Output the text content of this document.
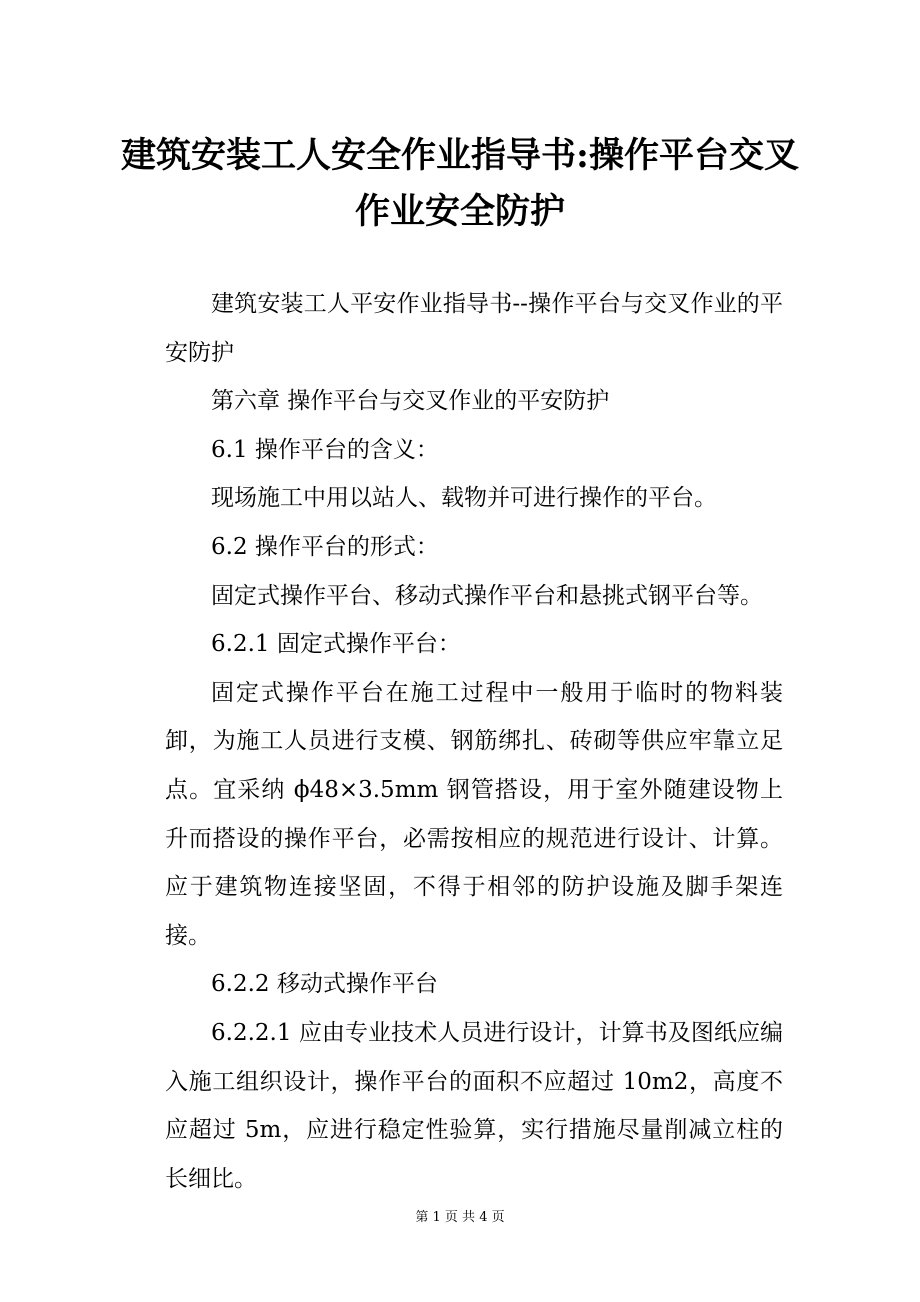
建筑安装工人安全作业指导书:操作平台交叉作业安全防护

建筑安装工人平安作业指导书--操作平台与交叉作业的平安防护

第六章 操作平台与交叉作业的平安防护

6.1 操作平台的含义：

现场施工中用以站人、载物并可进行操作的平台。

6.2 操作平台的形式：

固定式操作平台、移动式操作平台和悬挑式钢平台等。

6.2.1 固定式操作平台：

固定式操作平台在施工过程中一般用于临时的物料装卸，为施工人员进行支模、钢筋绑扎、砖砌等供应牢靠立足点。宜采纳 ϕ48×3.5mm 钢管搭设，用于室外随建设物上升而搭设的操作平台，必需按相应的规范进行设计、计算。应于建筑物连接坚固，不得于相邻的防护设施及脚手架连接。

6.2.2 移动式操作平台

6.2.2.1 应由专业技术人员进行设计，计算书及图纸应编入施工组织设计，操作平台的面积不应超过 10m2，高度不应超过 5m，应进行稳定性验算，实行措施尽量削减立柱的长细比。

第 1 页 共 4 页
